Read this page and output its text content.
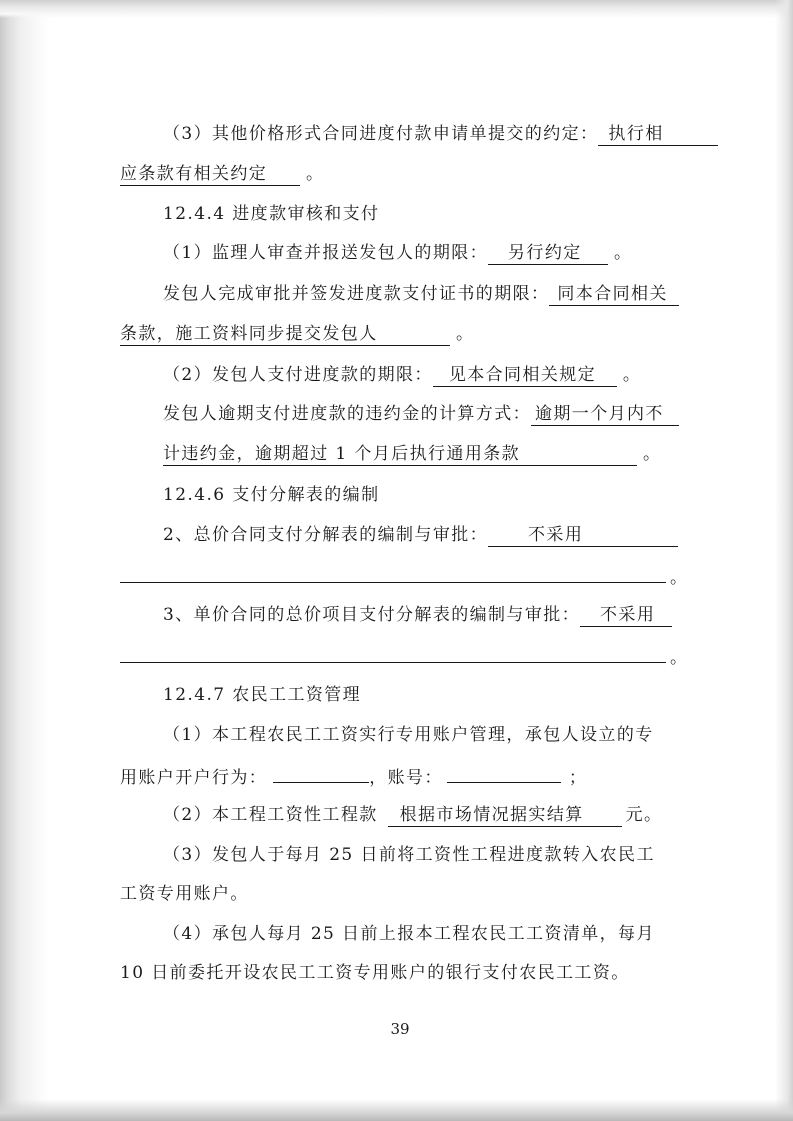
（3）其他价格形式合同进度付款申请单提交的约定： 执行相
应条款有相关约定 。
12.4.4 进度款审核和支付
（1）监理人审查并报送发包人的期限： 另行约定 。
发包人完成审批并签发进度款支付证书的期限： 同本合同相关
条款，施工资料同步提交发包人	。
（2）发包人支付进度款的期限： 见本合同相关规定 。
发包人逾期支付进度款的违约金的计算方式： 逾期一个月内不
计违约金，逾期超过 1 个月后执行通用条款	。
12.4.6 支付分解表的编制
2、总价合同支付分解表的编制与审批： 不采用
。
3、单价合同的总价项目支付分解表的编制与审批： 不采用
。
12.4.7 农民工工资管理
（1）本工程农民工工资实行专用账户管理，承包人设立的专
用账户开户行为：	，账号：	；
（2）本工程工资性工程款 根据市场情况据实结算 元。
（3）发包人于每月 25 日前将工资性工程进度款转入农民工
工资专用账户。
（4）承包人每月 25 日前上报本工程农民工工资清单，每月
10 日前委托开设农民工工资专用账户的银行支付农民工工资。
39
